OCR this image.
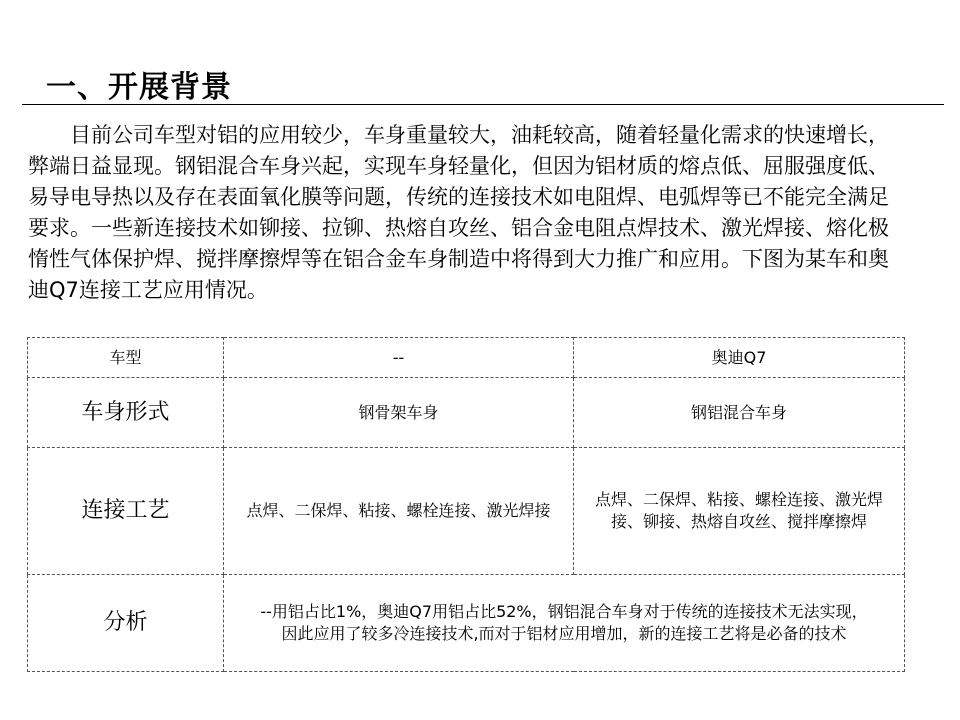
一、开展背景

目前公司车型对铝的应用较少，车身重量较大，油耗较高，随着轻量化需求的快速增长，弊端日益显现。钢铝混合车身兴起，实现车身轻量化，但因为铝材质的熔点低、屈服强度低、易导电导热以及存在表面氧化膜等问题，传统的连接技术如电阻焊、电弧焊等已不能完全满足要求。一些新连接技术如铆接、拉铆、热熔自攻丝、铝合金电阻点焊技术、激光焊接、熔化极惰性气体保护焊、搅拌摩擦焊等在铝合金车身制造中将得到大力推广和应用。下图为某车和奥迪Q7连接工艺应用情况。

车型	--	奥迪Q7
车身形式	钢骨架车身	钢铝混合车身
连接工艺	点焊、二保焊、粘接、螺栓连接、激光焊接	点焊、二保焊、粘接、螺栓连接、激光焊接、铆接、热熔自攻丝、搅拌摩擦焊
分析	--用铝占比1%，奥迪Q7用铝占比52%，钢铝混合车身对于传统的连接技术无法实现，因此应用了较多冷连接技术,而对于铝材应用增加，新的连接工艺将是必备的技术	
